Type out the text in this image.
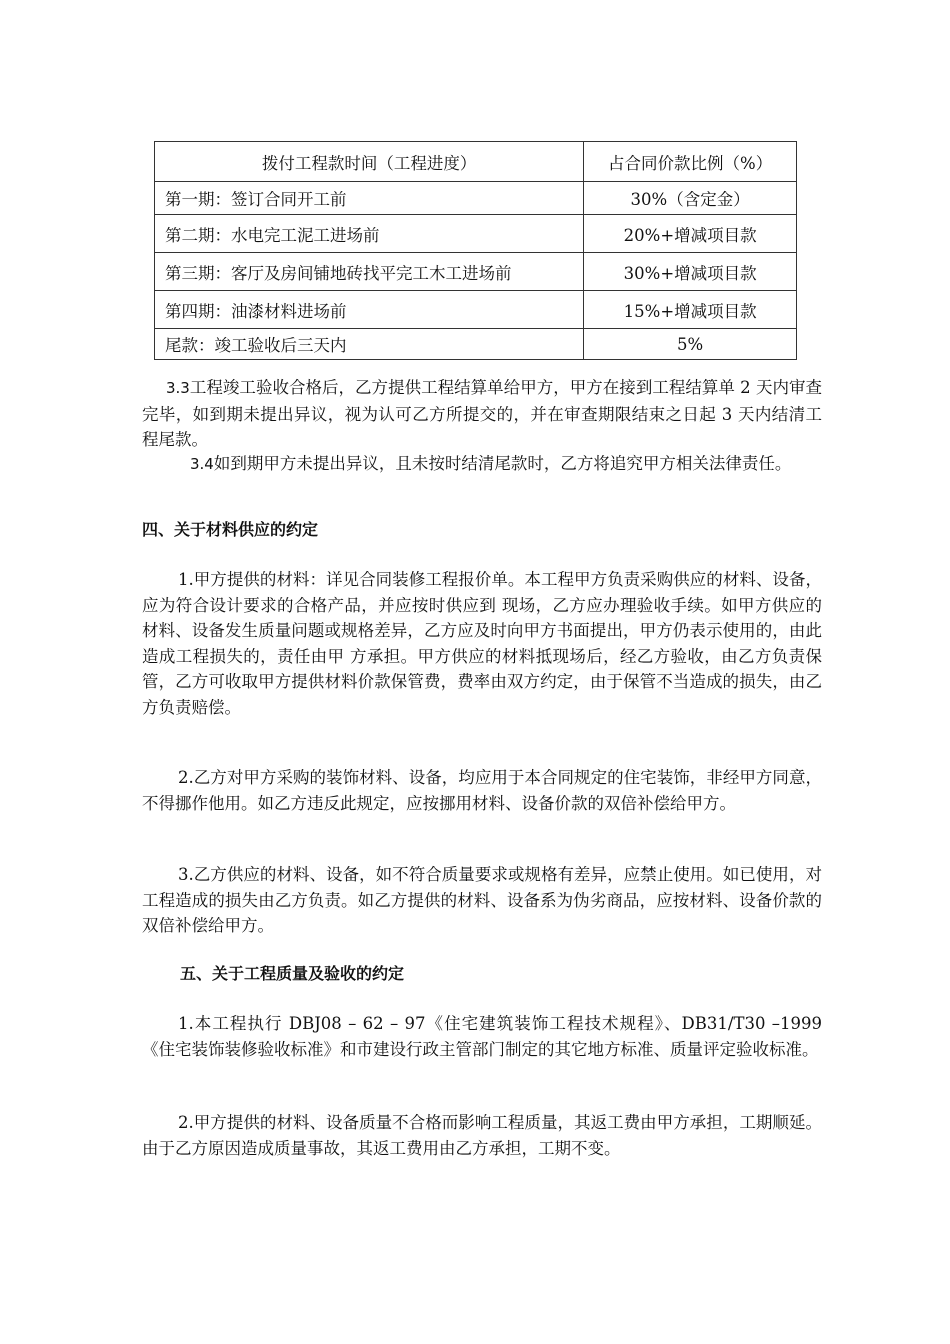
拨付工程款时间（工程进度）	占合同价款比例（%）
第一期：签订合同开工前	30%（含定金）
第二期：水电完工泥工进场前	20%+增减项目款
第三期：客厅及房间铺地砖找平完工木工进场前	30%+增减项目款
第四期：油漆材料进场前	15%+增减项目款
尾款：竣工验收后三天内	5%

3.3工程竣工验收合格后，乙方提供工程结算单给甲方，甲方在接到工程结算单 2 天内审查完毕，如到期未提出异议，视为认可乙方所提交的，并在审查期限结束之日起 3 天内结清工程尾款。

3.4如到期甲方未提出异议，且未按时结清尾款时，乙方将追究甲方相关法律责任。

四、关于材料供应的约定

1.甲方提供的材料：详见合同装修工程报价单。本工程甲方负责采购供应的材料、设备，应为符合设计要求的合格产品，并应按时供应到 现场，乙方应办理验收手续。如甲方供应的材料、设备发生质量问题或规格差异，乙方应及时向甲方书面提出，甲方仍表示使用的，由此造成工程损失的，责任由甲 方承担。甲方供应的材料抵现场后，经乙方验收，由乙方负责保管，乙方可收取甲方提供材料价款保管费，费率由双方约定，由于保管不当造成的损失，由乙方负责赔偿。

2.乙方对甲方采购的装饰材料、设备，均应用于本合同规定的住宅装饰，非经甲方同意，不得挪作他用。如乙方违反此规定，应按挪用材料、设备价款的双倍补偿给甲方。

3.乙方供应的材料、设备，如不符合质量要求或规格有差异，应禁止使用。如已使用，对工程造成的损失由乙方负责。如乙方提供的材料、设备系为伪劣商品，应按材料、设备价款的双倍补偿给甲方。

五、关于工程质量及验收的约定

1.本工程执行 DBJ08 – 62 – 97《住宅建筑装饰工程技术规程》、DB31/T30 –1999《住宅装饰装修验收标准》和市建设行政主管部门制定的其它地方标准、质量评定验收标准。

2.甲方提供的材料、设备质量不合格而影响工程质量，其返工费由甲方承担，工期顺延。由于乙方原因造成质量事故，其返工费用由乙方承担，工期不变。
